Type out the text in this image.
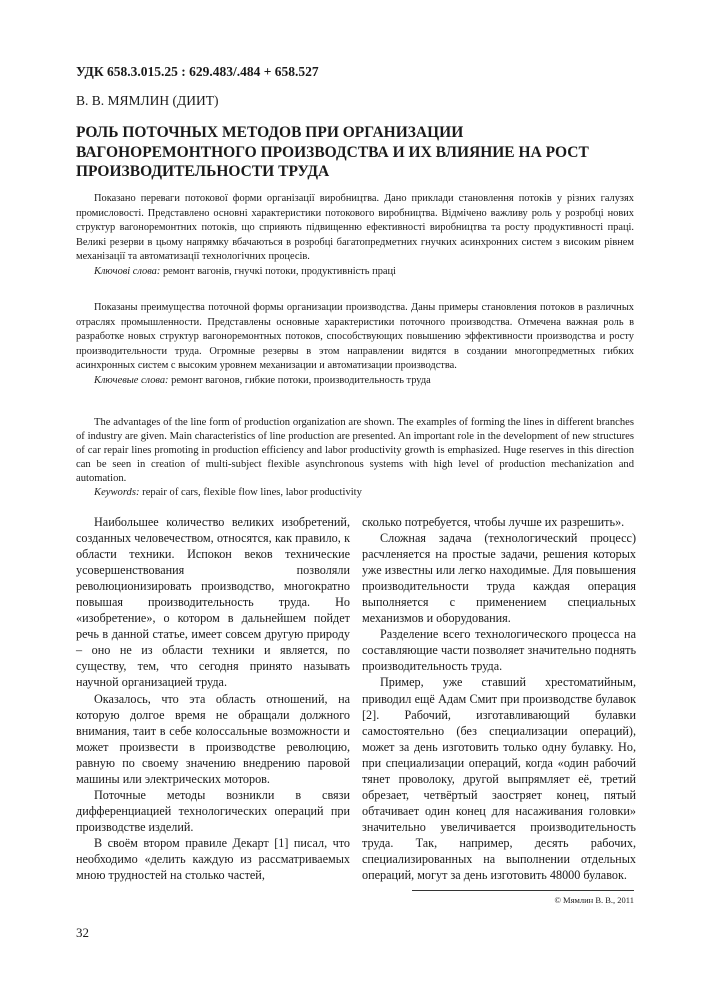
УДК 658.3.015.25 : 629.483/.484 + 658.527
В. В. МЯМЛИН (ДИИТ)
РОЛЬ ПОТОЧНЫХ МЕТОДОВ ПРИ ОРГАНИЗАЦИИ ВАГОНОРЕМОНТНОГО ПРОИЗВОДСТВА И ИХ ВЛИЯНИЕ НА РОСТ ПРОИЗВОДИТЕЛЬНОСТИ ТРУДА

Показано переваги потокової форми організації виробництва. Дано приклади становлення потоків у різних галузях промисловості. Представлено основні характеристики потокового виробництва. Відмічено важливу роль у розробці нових структур вагоноремонтних потоків, що сприяють підвищенню ефективності виробництва та росту продуктивності праці. Великі резерви в цьому напрямку вбачаються в розробці багатопредметних гнучких асинхронних систем з високим рівнем механізації та автоматизації технологічних процесів.

Ключові слова: ремонт вагонів, гнучкі потоки, продуктивність праці

Показаны преимущества поточной формы организации производства. Даны примеры становления потоков в различных отраслях промышленности. Представлены основные характеристики поточного производства. Отмечена важная роль в разработке новых структур вагоноремонтных потоков, способствующих повышению эффективности производства и росту производительности труда. Огромные резервы в этом направлении видятся в создании многопредметных гибких асинхронных систем с высоким уровнем механизации и автоматизации производства.

Ключевые слова: ремонт вагонов, гибкие потоки, производительность труда

The advantages of the line form of production organization are shown. The examples of forming the lines in different branches of industry are given. Main characteristics of line production are presented. An important role in the development of new structures of car repair lines promoting in production efficiency and labor productivity growth is emphasized. Huge reserves in this direction can be seen in creation of multi-subject flexible asynchronous systems with high level of production mechanization and automation.

Keywords: repair of cars, flexible flow lines, labor productivity

Наибольшее количество великих изобретений, созданных человечеством, относятся, как правило, к области техники. Испокон веков технические усовершенствования позволяли революционизировать производство, многократно повышая производительность труда. Но «изобретение», о котором в дальнейшем пойдет речь в данной статье, имеет совсем другую природу – оно не из области техники и является, по существу, тем, что сегодня принято называть научной организацией труда.

Оказалось, что эта область отношений, на которую долгое время не обращали должного внимания, таит в себе колоссальные возможности и может произвести в производстве революцию, равную по своему значению внедрению паровой машины или электрических моторов.

Поточные методы возникли в связи дифференциацией технологических операций при производстве изделий.

В своём втором правиле Декарт [1] писал, что необходимо «делить каждую из рассматриваемых мною трудностей на столько частей,

сколько потребуется, чтобы лучше их разрешить».

Сложная задача (технологический процесс) расчленяется на простые задачи, решения которых уже известны или легко находимые. Для повышения производительности труда каждая операция выполняется с применением специальных механизмов и оборудования.

Разделение всего технологического процесса на составляющие части позволяет значительно поднять производительность труда.

Пример, уже ставший хрестоматийным, приводил ещё Адам Смит при производстве булавок [2]. Рабочий, изготавливающий булавки самостоятельно (без специализации операций), может за день изготовить только одну булавку. Но, при специализации операций, когда «один рабочий тянет проволоку, другой выпрямляет её, третий обрезает, четвёртый заостряет конец, пятый обтачивает один конец для насаживания головки» значительно увеличивается производительность труда. Так, например, десять рабочих, специализированных на выполнении отдельных операций, могут за день изготовить 48000 булавок.

© Мямлин В. В., 2011
32
